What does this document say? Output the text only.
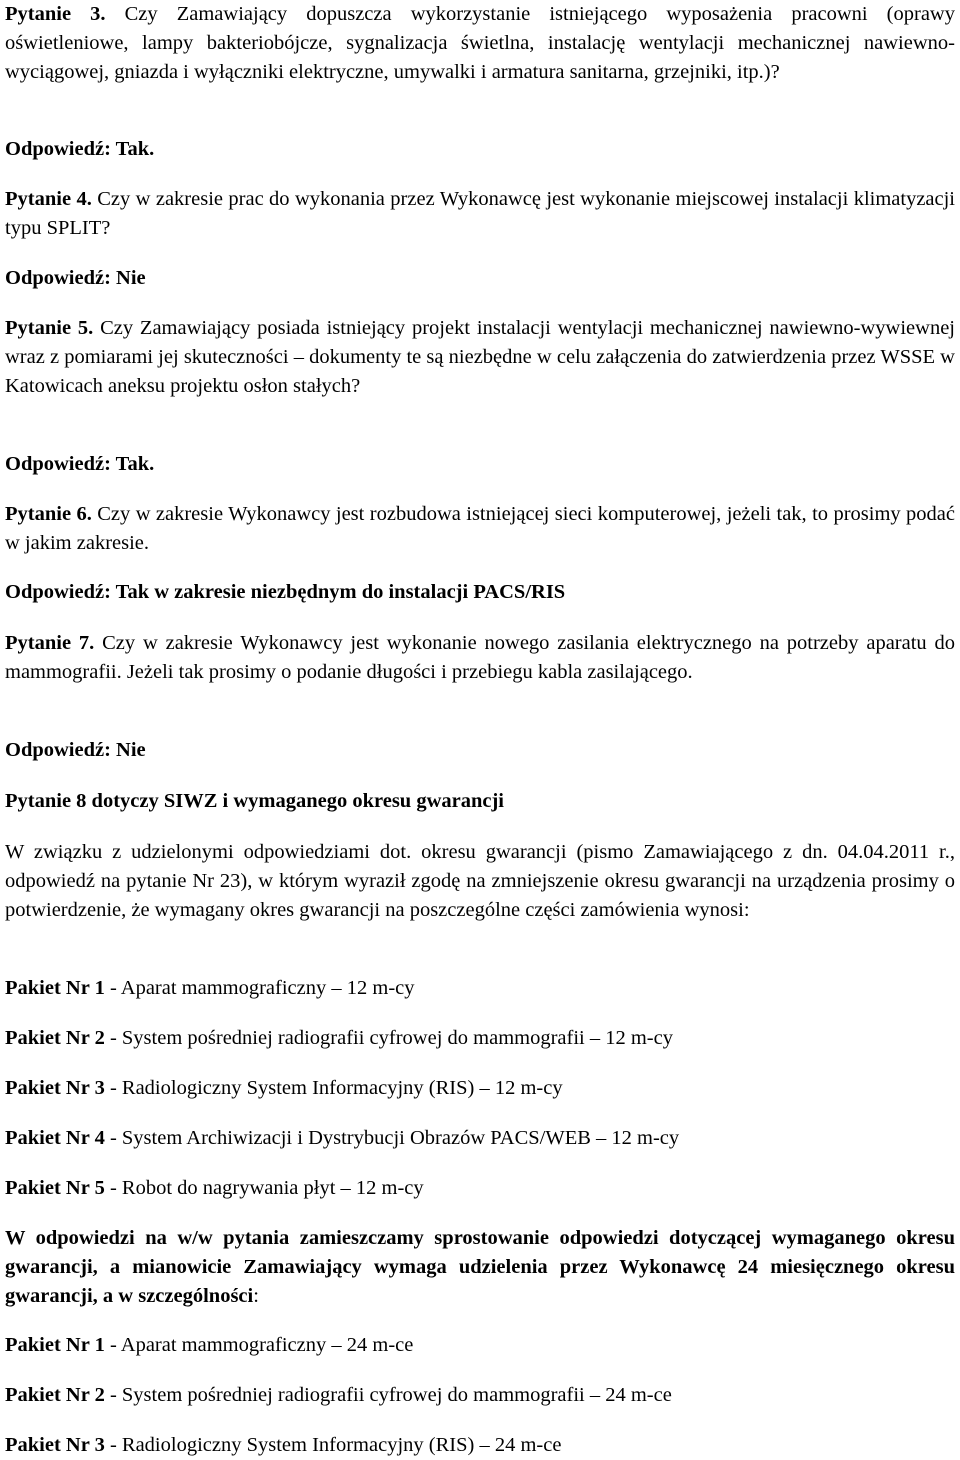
Pytanie 3. Czy Zamawiający dopuszcza wykorzystanie istniejącego wyposażenia pracowni (oprawy oświetleniowe, lampy bakteriobójcze, sygnalizacja świetlna, instalację wentylacji mechanicznej nawiewno-wyciągowej, gniazda i wyłączniki elektryczne, umywalki i armatura sanitarna, grzejniki, itp.)?

Odpowiedź: Tak.

Pytanie 4. Czy w zakresie prac do wykonania przez Wykonawcę jest wykonanie miejscowej instalacji klimatyzacji typu SPLIT?

Odpowiedź: Nie

Pytanie 5. Czy Zamawiający posiada istniejący projekt instalacji wentylacji mechanicznej nawiewno-wywiewnej wraz z pomiarami jej skuteczności – dokumenty te są niezbędne w celu załączenia do zatwierdzenia przez WSSE w Katowicach aneksu projektu osłon stałych?

Odpowiedź: Tak.

Pytanie 6. Czy w zakresie Wykonawcy jest rozbudowa istniejącej sieci komputerowej, jeżeli tak, to prosimy podać w jakim zakresie.

Odpowiedź: Tak w zakresie niezbędnym do instalacji PACS/RIS

Pytanie 7. Czy w zakresie Wykonawcy jest wykonanie nowego zasilania elektrycznego na potrzeby aparatu do mammografii. Jeżeli tak prosimy o podanie długości i przebiegu kabla zasilającego.

Odpowiedź: Nie

Pytanie 8 dotyczy SIWZ i wymaganego okresu gwarancji

W związku z udzielonymi odpowiedziami dot. okresu gwarancji (pismo Zamawiającego z dn. 04.04.2011 r., odpowiedź na pytanie Nr 23), w którym wyraził zgodę na zmniejszenie okresu gwarancji na urządzenia prosimy o potwierdzenie, że wymagany okres gwarancji na poszczególne części zamówienia wynosi:

Pakiet Nr 1 - Aparat mammograficzny – 12 m-cy

Pakiet Nr 2 - System pośredniej radiografii cyfrowej do mammografii – 12 m-cy

Pakiet Nr 3 - Radiologiczny System Informacyjny (RIS) – 12 m-cy

Pakiet Nr 4 - System Archiwizacji i Dystrybucji Obrazów PACS/WEB – 12 m-cy

Pakiet Nr 5 - Robot do nagrywania płyt – 12 m-cy

W odpowiedzi na w/w pytania zamieszczamy sprostowanie odpowiedzi dotyczącej wymaganego okresu gwarancji, a mianowicie Zamawiający wymaga udzielenia przez Wykonawcę 24 miesięcznego okresu gwarancji, a w szczególności:

Pakiet Nr 1 - Aparat mammograficzny – 24 m-ce

Pakiet Nr 2 - System pośredniej radiografii cyfrowej do mammografii – 24 m-ce

Pakiet Nr 3 - Radiologiczny System Informacyjny (RIS) – 24 m-ce
